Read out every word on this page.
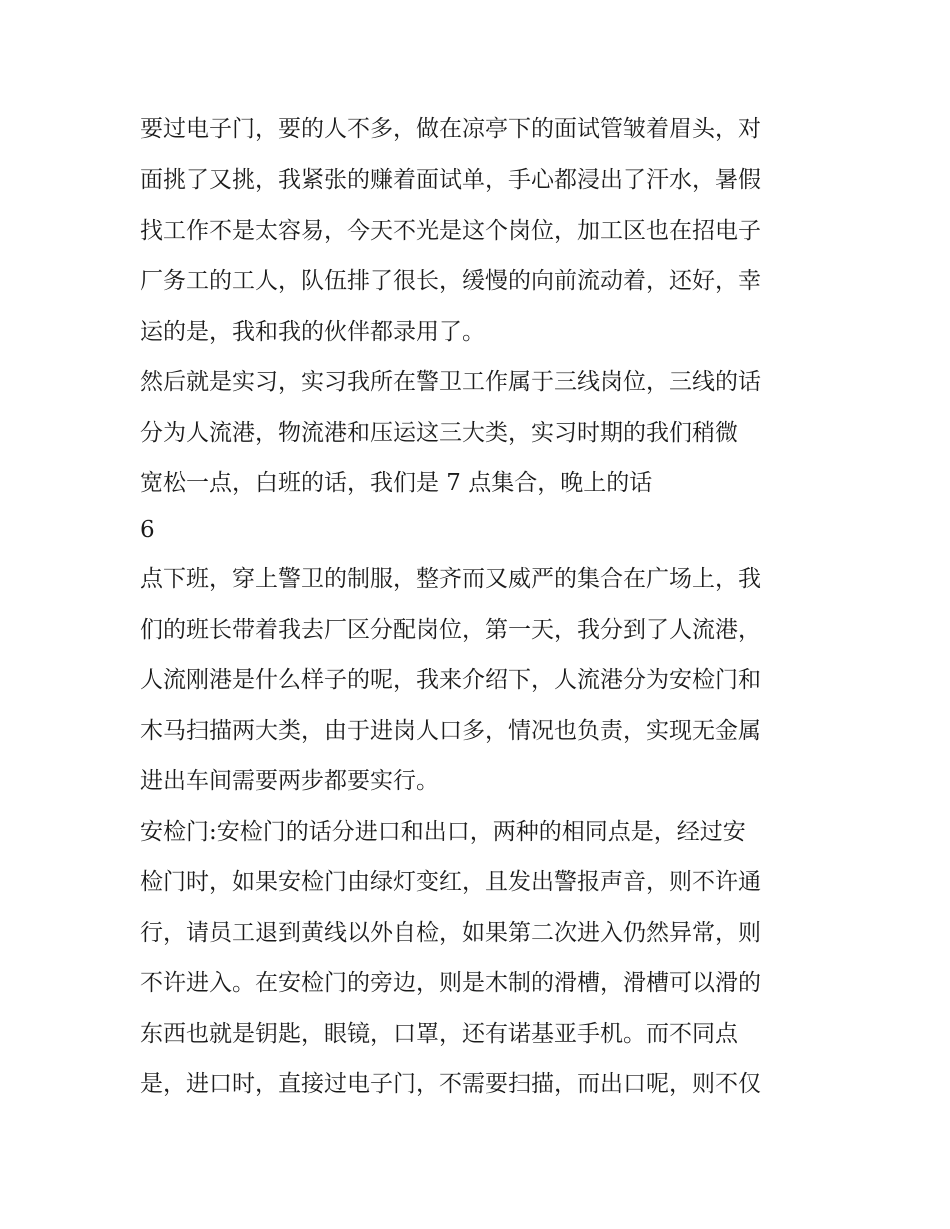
要过电子门，要的人不多，做在凉亭下的面试管皱着眉头，对
面挑了又挑，我紧张的赚着面试单，手心都浸出了汗水，暑假
找工作不是太容易，今天不光是这个岗位，加工区也在招电子
厂务工的工人，队伍排了很长，缓慢的向前流动着，还好，幸
运的是，我和我的伙伴都录用了。
然后就是实习，实习我所在警卫工作属于三线岗位，三线的话
分为人流港，物流港和压运这三大类，实习时期的我们稍微
宽松一点，白班的话，我们是 7 点集合，晚上的话
6
点下班，穿上警卫的制服，整齐而又威严的集合在广场上，我
们的班长带着我去厂区分配岗位，第一天，我分到了人流港，
人流刚港是什么样子的呢，我来介绍下，人流港分为安检门和
木马扫描两大类，由于进岗人口多，情况也负责，实现无金属
进出车间需要两步都要实行。
安检门:安检门的话分进口和出口，两种的相同点是，经过安
检门时，如果安检门由绿灯变红，且发出警报声音，则不许通
行，请员工退到黄线以外自检，如果第二次进入仍然异常，则
不许进入。在安检门的旁边，则是木制的滑槽，滑槽可以滑的
东西也就是钥匙，眼镜，口罩，还有诺基亚手机。而不同点
是，进口时，直接过电子门，不需要扫描，而出口呢，则不仅
